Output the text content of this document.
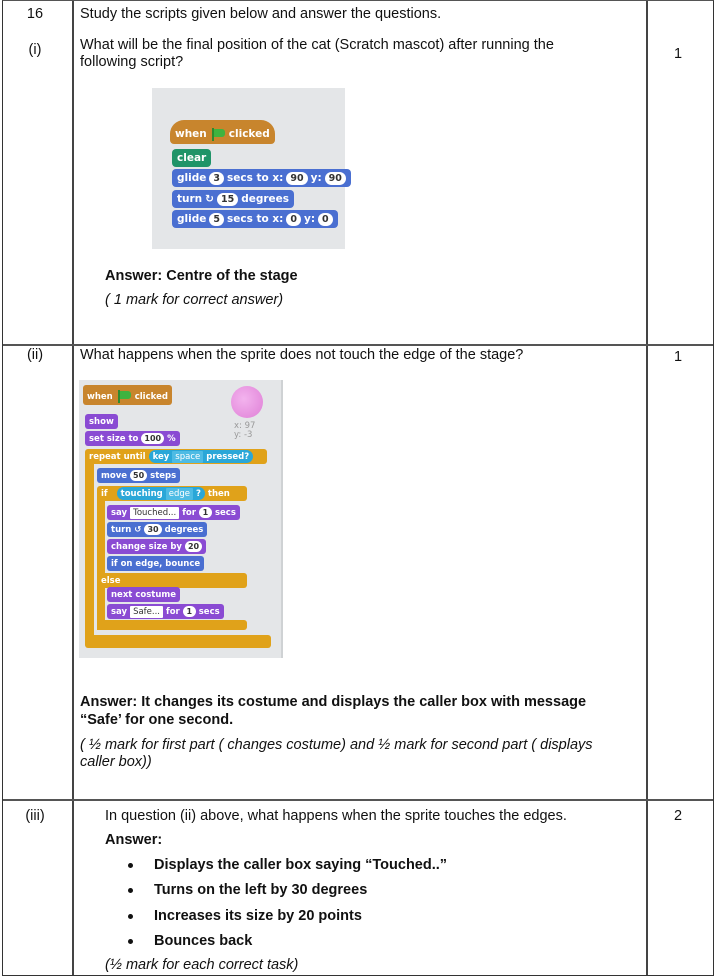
16
(i)
Study the scripts given below and answer the questions.
What will be the final position of the cat (Scratch mascot) after running the
following script?	1
when clicked
clear
glide 3 secs to x: 90 y: 90
turn ↻ 15 degrees
glide 5 secs to x: 0 y: 0
Answer: Centre of the stage
( 1 mark for correct answer)
(ii)	What happens when the sprite does not touch the edge of the stage?	1
x: 97
y: -3
when	clicked
show
set size to 100 %
repeat until key space pressed?
move 50 steps
if touching edge ? then
say Touched... for 1 secs
turn ↺ 30 degrees
change size by 20
if on edge, bounce
else
next costume
say Safe... for 1 secs
Answer: It changes its costume and displays the caller box with message
“Safe’ for one second.
( ½ mark for first part ( changes costume) and ½ mark for second part ( displays
caller box))
(iii)	In question (ii) above, what happens when the sprite touches the edges.	2
Answer:
Displays the caller box saying “Touched..”
Turns on the left by 30 degrees
Increases its size by 20 points
Bounces back
(½ mark for each correct task)
